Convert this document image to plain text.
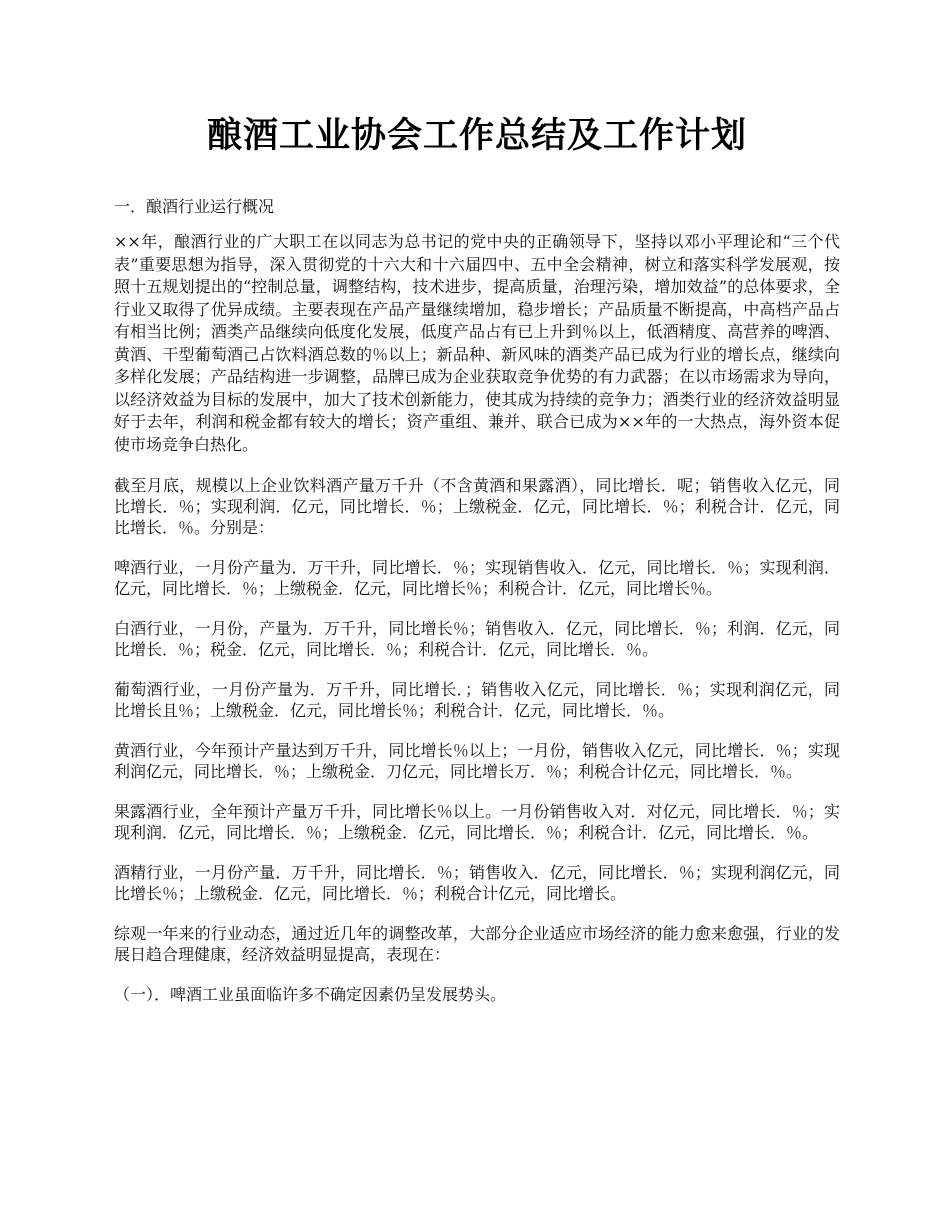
酿酒工业协会工作总结及工作计划

一．酿酒行业运行概况

××年，酿酒行业的广大职工在以同志为总书记的党中央的正确领导下，坚持以邓小平理论和“三个代表”重要思想为指导，深入贯彻党的十六大和十六届四中、五中全会精神，树立和落实科学发展观，按照十五规划提出的“控制总量，调整结构，技术进步，提高质量，治理污染，增加效益”的总体要求，全行业又取得了优异成绩。主要表现在产品产量继续增加，稳步增长；产品质量不断提高，中高档产品占有相当比例；酒类产品继续向低度化发展，低度产品占有已上升到％以上，低酒精度、高营养的啤酒、黄酒、干型葡萄酒己占饮料酒总数的％以上；新品种、新风味的酒类产品已成为行业的增长点，继续向多样化发展；产品结构进一步调整，品牌已成为企业获取竞争优势的有力武器；在以市场需求为导向，以经济效益为目标的发展中，加大了技术创新能力，使其成为持续的竞争力；酒类行业的经济效益明显好于去年，利润和税金都有较大的增长；资产重组、兼并、联合已成为××年的一大热点，海外资本促使市场竞争白热化。

截至月底，规模以上企业饮料酒产量万千升（不含黄酒和果露酒），同比增长．呢；销售收入亿元，同比增长．％；实现利润．亿元，同比增长．％；上缴税金．亿元，同比增长．％；利税合计．亿元，同比增长．％。分别是：

啤酒行业，一月份产量为．万干升，同比增长．％；实现销售收入．亿元，同比增长．％；实现利润．亿元，同比增长．％；上缴税金．亿元，同比增长％；利税合计．亿元，同比增长％。

白酒行业，一月份，产量为．万千升，同比增长％；销售收入．亿元，同比增长．％；利润．亿元，同比增长．％；税金．亿元，同比增长．％；利税合计．亿元，同比增长．％。

葡萄酒行业，一月份产量为．万千升，同比增长．；销售收入亿元，同比增长．％；实现利润亿元，同比增长且％；上缴税金．亿元，同比增长％；利税合计．亿元，同比增长．％。

黄酒行业，今年预计产量达到万千升，同比增长％以上；一月份，销售收入亿元，同比增长．％；实现利润亿元，同比增长．％；上缴税金．刀亿元，同比增长万．％；利税合计亿元，同比增长．％。

果露酒行业，全年预计产量万千升，同比增长％以上。一月份销售收入对．对亿元，同比增长．％；实现利润．亿元，同比增长．％；上缴税金．亿元，同比增长．％；利税合计．亿元，同比增长．％。

酒精行业，一月份产量．万千升，同比增长．％；销售收入．亿元，同比增长．％；实现利润亿元，同比增长％；上缴税金．亿元，同比增长．％；利税合计亿元，同比增长。

综观一年来的行业动态，通过近几年的调整改革，大部分企业适应市场经济的能力愈来愈强，行业的发展日趋合理健康，经济效益明显提高，表现在：

（一）．啤酒工业虽面临许多不确定因素仍呈发展势头。
